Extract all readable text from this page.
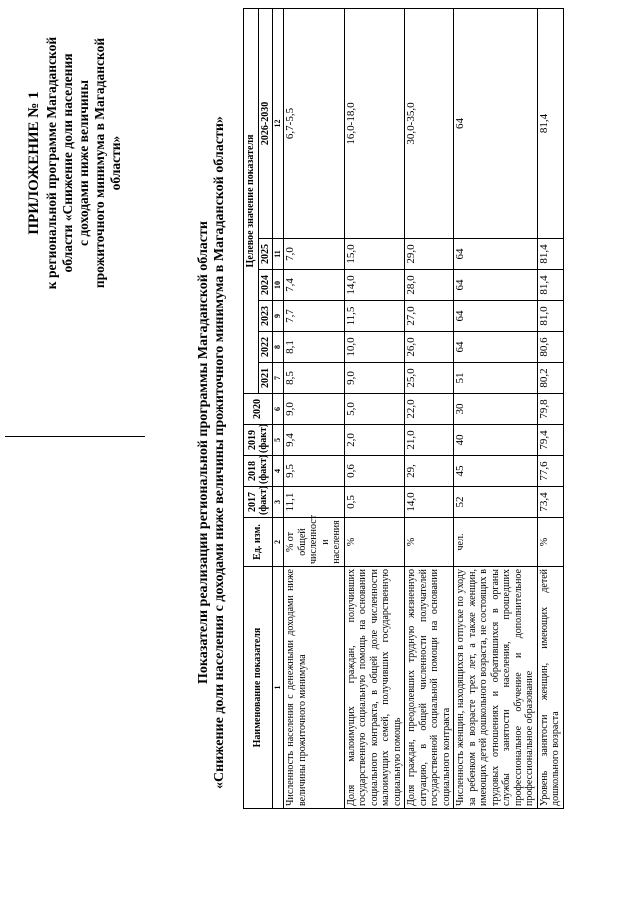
ПРИЛОЖЕНИЕ № 1 к региональной программе Магаданской области «Снижение доли населения с доходами ниже величины прожиточного минимума в Магаданской области»
Показатели реализации региональной программы Магаданской области «Снижение доли населения с доходами ниже величины прожиточного минимума в Магаданской области»	Наименование показателя	Ед. изм.	2017 (факт)	2018 (факт)	2019 (факт)	2020	Целевое значение показателя					
						2021	2022	2023	2024	2025	2026-2030
1	2	3	4	5	6	7	8	9	10	11	12
Численность населения с денежными доходами ниже величины прожиточного минимума	% от общей численност и населения	11,1	9,5	9,4	9,0	8,5	8,1	7,7	7,4	7,0	6,7-5,5
Доля малоимущих граждан, получивших государственную социальную помощь на основании социального контракта, в общей доле численности малоимущих семей, получивших государственную социальную помощь	%	0,5	0,6	2,0	5,0	9,0	10,0	11,5	14,0	15,0	16,0-18,0
Доля граждан, преодолевших трудную жизненную ситуацию, в общей численности получателей государственной социальной помощи на основании социального контракта	%	14,0	29,	21,0	22,0	25,0	26,0	27,0	28,0	29,0	30,0-35,0
Численность женщин, находящихся в отпуске по уходу за ребенком в возрасте трех лет, а также женщин, имеющих детей дошкольного возраста, не состоящих в трудовых отношениях и обратившихся в органы службы занятости населения, прошедших профессиональное обучение и дополнительное профессиональное образование	чел.	52	45	40	30	51	64	64	64	64	64
Уровень занятости женщин, имеющих детей дошкольного возраста	%	73,4	77,6	79,4	79,8	80,2	80,6	81,0	81,4	81,4	81,4
